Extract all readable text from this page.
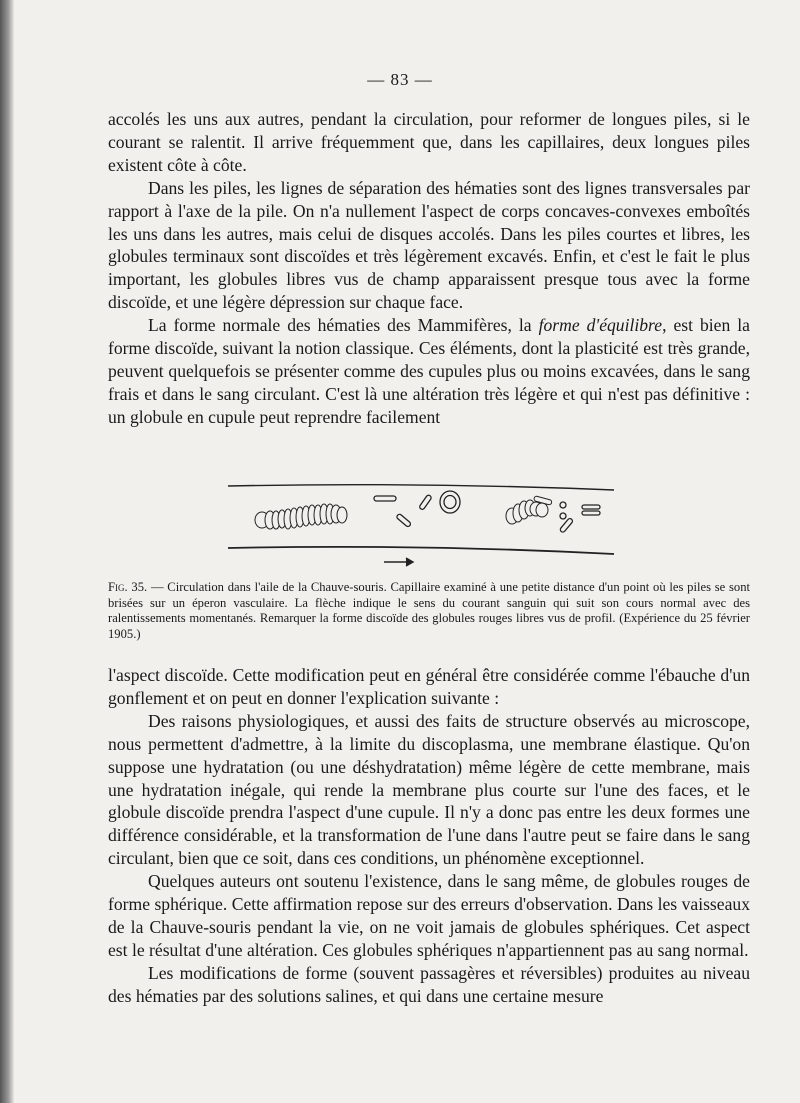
— 83 —

accolés les uns aux autres, pendant la circulation, pour reformer de longues piles, si le courant se ralentit. Il arrive fréquemment que, dans les capillaires, deux longues piles existent côte à côte.

Dans les piles, les lignes de séparation des hématies sont des lignes transversales par rapport à l'axe de la pile. On n'a nullement l'aspect de corps concaves-convexes emboîtés les uns dans les autres, mais celui de disques accolés. Dans les piles courtes et libres, les globules terminaux sont discoïdes et très légèrement excavés. Enfin, et c'est le fait le plus important, les globules libres vus de champ apparaissent presque tous avec la forme discoïde, et une légère dépression sur chaque face.

La forme normale des hématies des Mammifères, la forme d'équilibre, est bien la forme discoïde, suivant la notion classique. Ces éléments, dont la plasticité est très grande, peuvent quelquefois se présenter comme des cupules plus ou moins excavées, dans le sang frais et dans le sang circulant. C'est là une altération très légère et qui n'est pas définitive : un globule en cupule peut reprendre facilement

Fig. 35. — Circulation dans l'aile de la Chauve-souris. Capillaire examiné à une petite distance d'un point où les piles se sont brisées sur un éperon vasculaire. La flèche indique le sens du courant sanguin qui suit son cours normal avec des ralentissements momentanés. Remarquer la forme discoïde des globules rouges libres vus de profil. (Expérience du 25 février 1905.)

l'aspect discoïde. Cette modification peut en général être considérée comme l'ébauche d'un gonflement et on peut en donner l'explication suivante :

Des raisons physiologiques, et aussi des faits de structure observés au microscope, nous permettent d'admettre, à la limite du discoplasma, une membrane élastique. Qu'on suppose une hydratation (ou une déshydratation) même légère de cette membrane, mais une hydratation inégale, qui rende la membrane plus courte sur l'une des faces, et le globule discoïde prendra l'aspect d'une cupule. Il n'y a donc pas entre les deux formes une différence considérable, et la transformation de l'une dans l'autre peut se faire dans le sang circulant, bien que ce soit, dans ces conditions, un phénomène exceptionnel.

Quelques auteurs ont soutenu l'existence, dans le sang même, de globules rouges de forme sphérique. Cette affirmation repose sur des erreurs d'observation. Dans les vaisseaux de la Chauve-souris pendant la vie, on ne voit jamais de globules sphériques. Cet aspect est le résultat d'une altération. Ces globules sphériques n'appartiennent pas au sang normal.

Les modifications de forme (souvent passagères et réversibles) produites au niveau des hématies par des solutions salines, et qui dans une certaine mesure
